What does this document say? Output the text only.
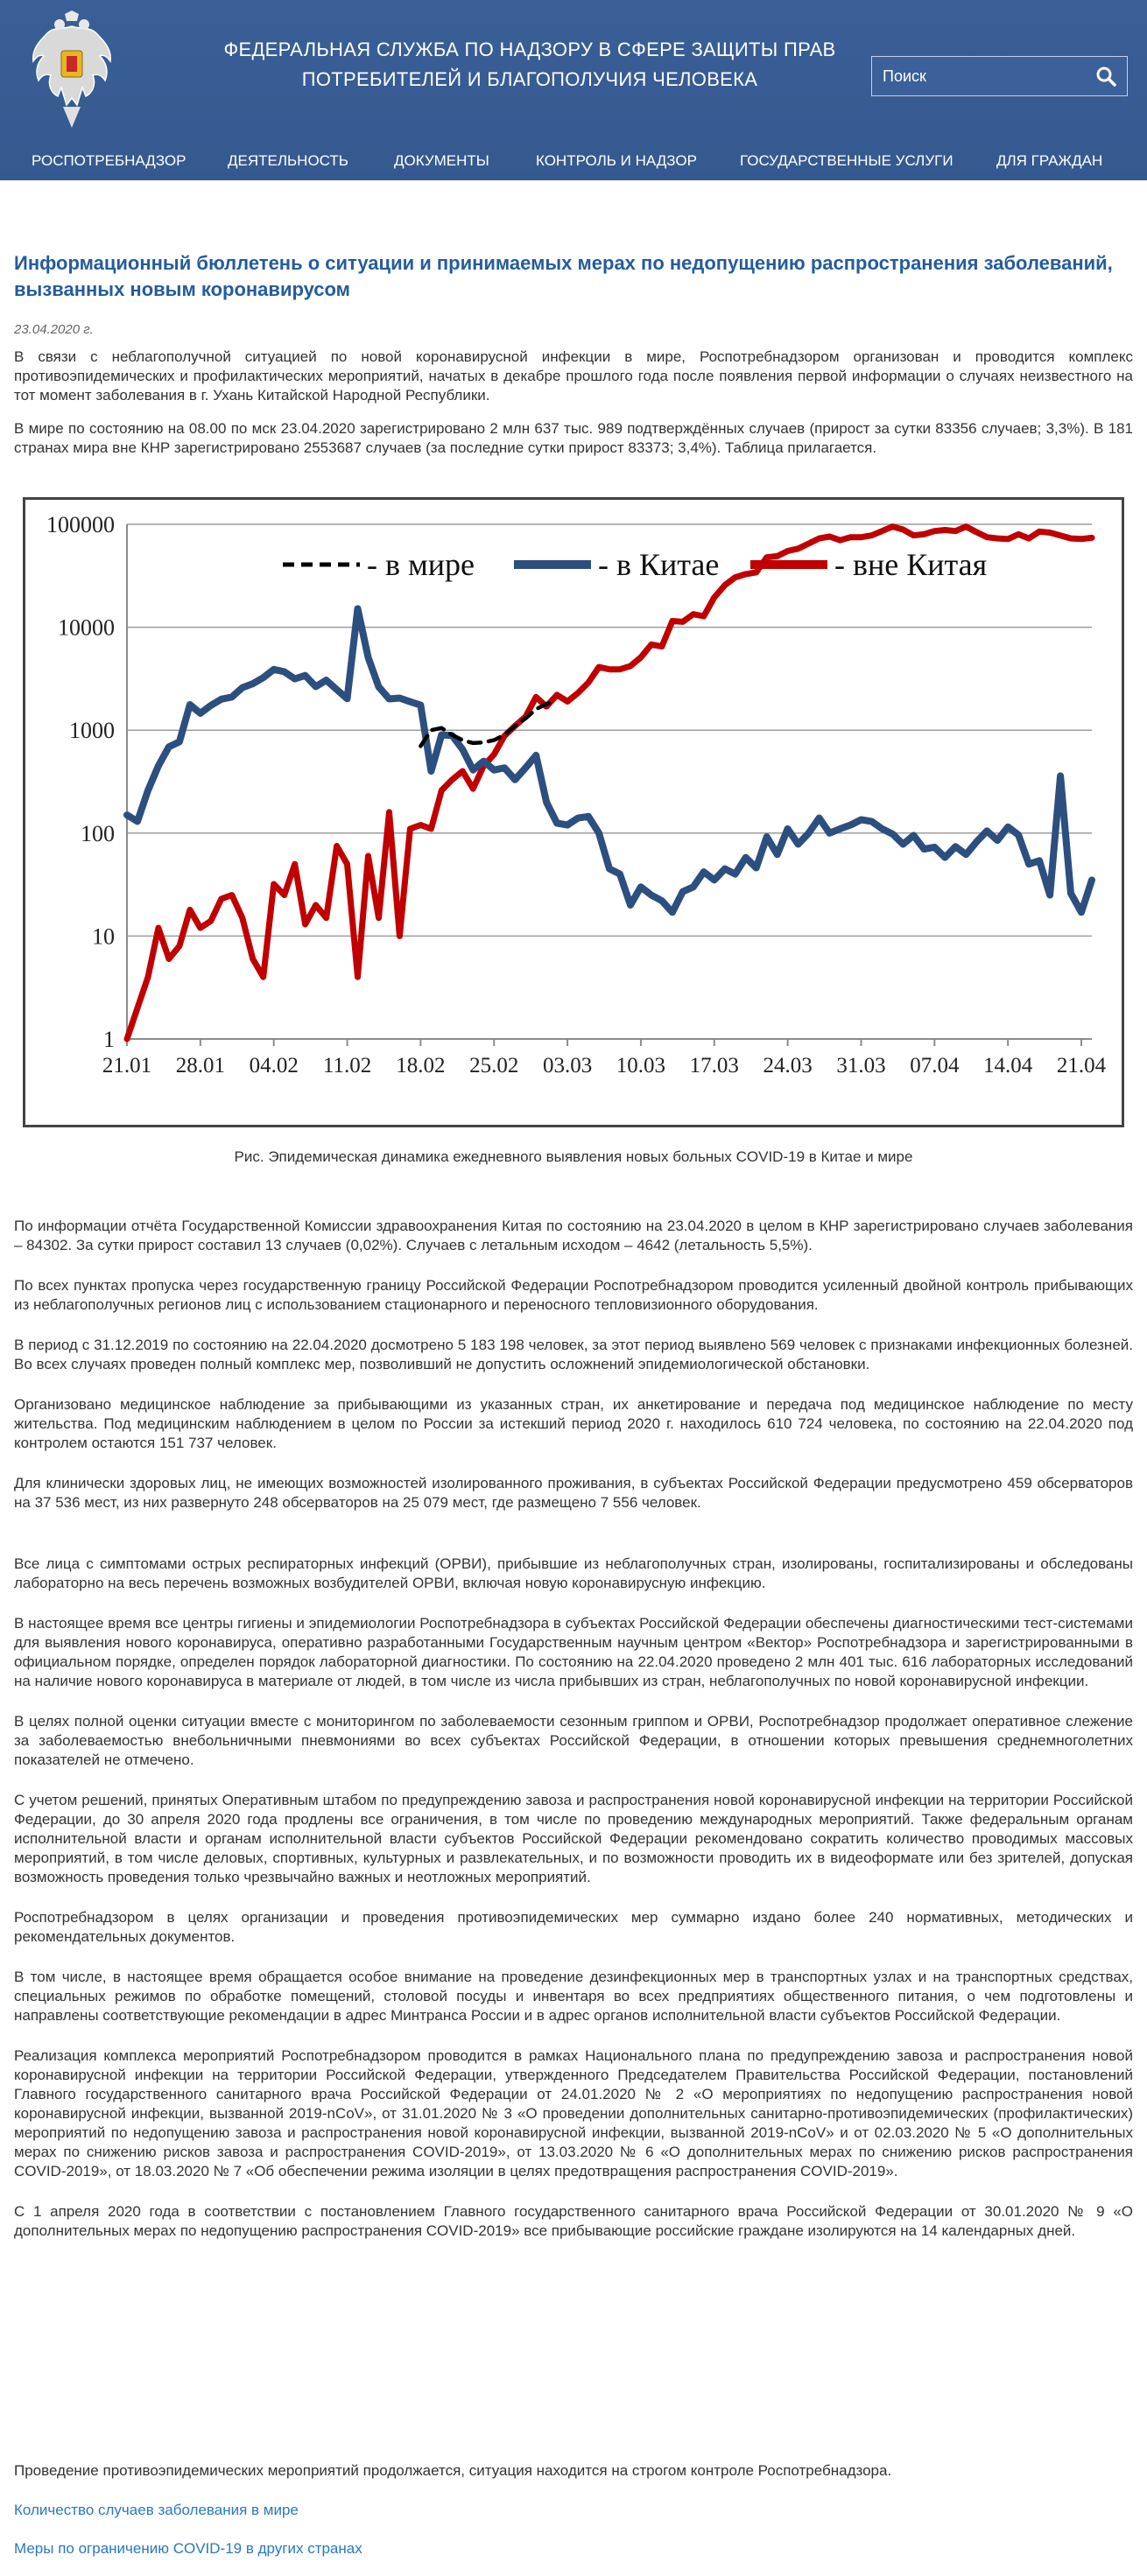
ФЕДЕРАЛЬНАЯ СЛУЖБА ПО НАДЗОРУ В СФЕРЕ ЗАЩИТЫ ПРАВ
ПОТРЕБИТЕЛЕЙ И БЛАГОПОЛУЧИЯ ЧЕЛОВЕКА
Поиск
РОСПОТРЕБНАДЗОР	ДЕЯТЕЛЬНОСТЬ	ДОКУМЕНТЫ	КОНТРОЛЬ И НАДЗОР	ГОСУДАРСТВЕННЫЕ УСЛУГИ	ДЛЯ ГРАЖДАН
Информационный бюллетень о ситуации и принимаемых мерах по недопущению распространения заболеваний, вызванных новым коронавирусом
23.04.2020 г.

В связи с неблагополучной ситуацией по новой коронавирусной инфекции в мире, Роспотребнадзором организован и проводится комплекс противоэпидемических и профилактических мероприятий, начатых в декабре прошлого года после появления первой информации о случаях неизвестного на тот момент заболевания в г. Ухань Китайской Народной Республики.

В мире по состоянию на 08.00 по мск 23.04.2020 зарегистрировано 2 млн 637 тыс. 989 подтверждённых случаев (прирост за сутки 83356 случаев; 3,3%). В 181 странах мира вне КНР зарегистрировано 2553687 случаев (за последние сутки прирост 83373; 3,4%). Таблица прилагается.

1
10
100
1000
10000
100000
21.01 28.01 04.02 11.02 18.02 25.02 03.03 10.03 17.03 24.03 31.03 07.04 14.04 21.04
- в мире	- в Китае	- вне Китая
Рис. Эпидемическая динамика ежедневного выявления новых больных COVID-19 в Китае и мире

По информации отчёта Государственной Комиссии здравоохранения Китая по состоянию на 23.04.2020 в целом в КНР зарегистрировано случаев заболевания – 84302. За сутки прирост составил 13 случаев (0,02%). Случаев с летальным исходом – 4642 (летальность 5,5%).

По всех пунктах пропуска через государственную границу Российской Федерации Роспотребнадзором проводится усиленный двойной контроль прибывающих из неблагополучных регионов лиц с использованием стационарного и переносного тепловизионного оборудования.

В период с 31.12.2019 по состоянию на 22.04.2020 досмотрено 5 183 198 человек, за этот период выявлено 569 человек с признаками инфекционных болезней. Во всех случаях проведен полный комплекс мер, позволивший не допустить осложнений эпидемиологической обстановки.

Организовано медицинское наблюдение за прибывающими из указанных стран, их анкетирование и передача под медицинское наблюдение по месту жительства. Под медицинским наблюдением в целом по России за истекший период 2020 г. находилось 610 724 человека, по состоянию на 22.04.2020 под контролем остаются 151 737 человек.

Для клинически здоровых лиц, не имеющих возможностей изолированного проживания, в субъектах Российской Федерации предусмотрено 459 обсерваторов на 37 536 мест, из них развернуто 248 обсерваторов на 25 079 мест, где размещено 7 556 человек.

Все лица с симптомами острых респираторных инфекций (ОРВИ), прибывшие из неблагополучных стран, изолированы, госпитализированы и обследованы лабораторно на весь перечень возможных возбудителей ОРВИ, включая новую коронавирусную инфекцию.

В настоящее время все центры гигиены и эпидемиологии Роспотребнадзора в субъектах Российской Федерации обеспечены диагностическими тест-системами для выявления нового коронавируса, оперативно разработанными Государственным научным центром «Вектор» Роспотребнадзора и зарегистрированными в официальном порядке, определен порядок лабораторной диагностики. По состоянию на 22.04.2020 проведено 2 млн 401 тыс. 616 лабораторных исследований на наличие нового коронавируса в материале от людей, в том числе из числа прибывших из стран, неблагополучных по новой коронавирусной инфекции.

В целях полной оценки ситуации вместе с мониторингом по заболеваемости сезонным гриппом и ОРВИ, Роспотребнадзор продолжает оперативное слежение за заболеваемостью внебольничными пневмониями во всех субъектах Российской Федерации, в отношении которых превышения среднемноголетних показателей не отмечено.

С учетом решений, принятых Оперативным штабом по предупреждению завоза и распространения новой коронавирусной инфекции на территории Российской Федерации, до 30 апреля 2020 года продлены все ограничения, в том числе по проведению международных мероприятий. Также федеральным органам исполнительной власти и органам исполнительной власти субъектов Российской Федерации рекомендовано сократить количество проводимых массовых мероприятий, в том числе деловых, спортивных, культурных и развлекательных, и по возможности проводить их в видеоформате или без зрителей, допуская возможность проведения только чрезвычайно важных и неотложных мероприятий.

Роспотребнадзором в целях организации и проведения противоэпидемических мер суммарно издано более 240 нормативных, методических и рекомендательных документов.

В том числе, в настоящее время обращается особое внимание на проведение дезинфекционных мер в транспортных узлах и на транспортных средствах, специальных режимов по обработке помещений, столовой посуды и инвентаря во всех предприятиях общественного питания, о чем подготовлены и направлены соответствующие рекомендации в адрес Минтранса России и в адрес органов исполнительной власти субъектов Российской Федерации.

Реализация комплекса мероприятий Роспотребнадзором проводится в рамках Национального плана по предупреждению завоза и распространения новой коронавирусной инфекции на территории Российской Федерации, утвержденного Председателем Правительства Российской Федерации, постановлений Главного государственного санитарного врача Российской Федерации от 24.01.2020 № 2 «О мероприятиях по недопущению распространения новой коронавирусной инфекции, вызванной 2019-nCoV», от 31.01.2020 № 3 «О проведении дополнительных санитарно-противоэпидемических (профилактических) мероприятий по недопущению завоза и распространения новой коронавирусной инфекции, вызванной 2019-nCoV» и от 02.03.2020 № 5 «О дополнительных мерах по снижению рисков завоза и распространения COVID-2019», от 13.03.2020 № 6 «О дополнительных мерах по снижению рисков распространения COVID-2019», от 18.03.2020 № 7 «Об обеспечении режима изоляции в целях предотвращения распространения COVID-2019».

С 1 апреля 2020 года в соответствии с постановлением Главного государственного санитарного врача Российской Федерации от 30.01.2020 № 9 «О дополнительных мерах по недопущению распространения COVID-2019» все прибывающие российские граждане изолируются на 14 календарных дней.

Проведение противоэпидемических мероприятий продолжается, ситуация находится на строгом контроле Роспотребнадзора.

Количество случаев заболевания в мире
Меры по ограничению COVID-19 в других странах
